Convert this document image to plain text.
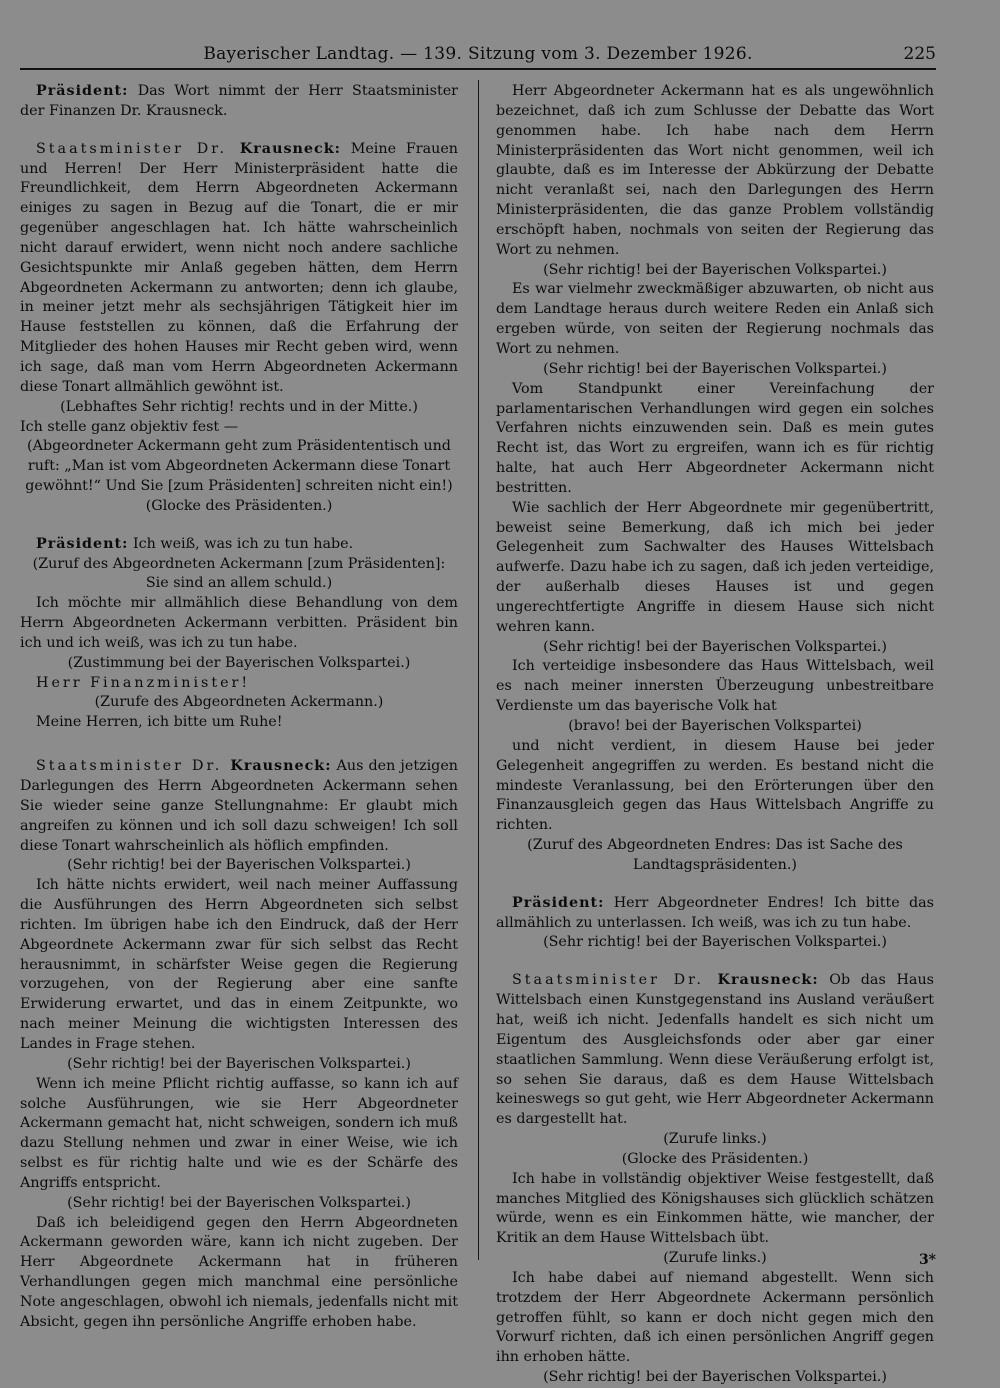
Bayerischer Landtag. — 139. Sitzung vom 3. Dezember 1926.	225

Präsident: Das Wort nimmt der Herr Staatsminister der Finanzen Dr. Krausneck.

Staatsminister Dr. Krausneck: Meine Frauen und Herren! Der Herr Ministerpräsident hatte die Freundlichkeit, dem Herrn Abgeordneten Ackermann einiges zu sagen in Bezug auf die Tonart, die er mir gegenüber angeschlagen hat. Ich hätte wahrscheinlich nicht darauf erwidert, wenn nicht noch andere sachliche Gesichtspunkte mir Anlaß gegeben hätten, dem Herrn Abgeordneten Ackermann zu antworten; denn ich glaube, in meiner jetzt mehr als sechsjährigen Tätigkeit hier im Hause feststellen zu können, daß die Erfahrung der Mitglieder des hohen Hauses mir Recht geben wird, wenn ich sage, daß man vom Herrn Abgeordneten Ackermann diese Tonart allmählich gewöhnt ist.

(Lebhaftes Sehr richtig! rechts und in der Mitte.)

Ich stelle ganz objektiv fest —

(Abgeordneter Ackermann geht zum Präsidententisch und ruft: „Man ist vom Abgeordneten Ackermann diese Tonart gewöhnt!“ Und Sie [zum Präsidenten] schreiten nicht ein!)

(Glocke des Präsidenten.)

Präsident: Ich weiß, was ich zu tun habe.

(Zuruf des Abgeordneten Ackermann [zum Präsidenten]: Sie sind an allem schuld.)

Ich möchte mir allmählich diese Behandlung von dem Herrn Abgeordneten Ackermann verbitten. Präsident bin ich und ich weiß, was ich zu tun habe.

(Zustimmung bei der Bayerischen Volkspartei.)

Herr Finanzminister!

(Zurufe des Abgeordneten Ackermann.)

Meine Herren, ich bitte um Ruhe!

Staatsminister Dr. Krausneck: Aus den jetzigen Darlegungen des Herrn Abgeordneten Ackermann sehen Sie wieder seine ganze Stellungnahme: Er glaubt mich angreifen zu können und ich soll dazu schweigen! Ich soll diese Tonart wahrscheinlich als höflich empfinden.

(Sehr richtig! bei der Bayerischen Volkspartei.)

Ich hätte nichts erwidert, weil nach meiner Auffassung die Ausführungen des Herrn Abgeordneten sich selbst richten. Im übrigen habe ich den Eindruck, daß der Herr Abgeordnete Ackermann zwar für sich selbst das Recht herausnimmt, in schärfster Weise gegen die Regierung vorzugehen, von der Regierung aber eine sanfte Erwiderung erwartet, und das in einem Zeitpunkte, wo nach meiner Meinung die wichtigsten Interessen des Landes in Frage stehen.

(Sehr richtig! bei der Bayerischen Volkspartei.)

Wenn ich meine Pflicht richtig auffasse, so kann ich auf solche Ausführungen, wie sie Herr Abgeordneter Ackermann gemacht hat, nicht schweigen, sondern ich muß dazu Stellung nehmen und zwar in einer Weise, wie ich selbst es für richtig halte und wie es der Schärfe des Angriffs entspricht.

(Sehr richtig! bei der Bayerischen Volkspartei.)

Daß ich beleidigend gegen den Herrn Abgeordneten Ackermann geworden wäre, kann ich nicht zugeben. Der Herr Abgeordnete Ackermann hat in früheren Verhandlungen gegen mich manchmal eine persönliche Note angeschlagen, obwohl ich niemals, jedenfalls nicht mit Absicht, gegen ihn persönliche Angriffe erhoben habe.

Herr Abgeordneter Ackermann hat es als ungewöhnlich bezeichnet, daß ich zum Schlusse der Debatte das Wort genommen habe. Ich habe nach dem Herrn Ministerpräsidenten das Wort nicht genommen, weil ich glaubte, daß es im Interesse der Abkürzung der Debatte nicht veranlaßt sei, nach den Darlegungen des Herrn Ministerpräsidenten, die das ganze Problem vollständig erschöpft haben, nochmals von seiten der Regierung das Wort zu nehmen.

(Sehr richtig! bei der Bayerischen Volkspartei.)

Es war vielmehr zweckmäßiger abzuwarten, ob nicht aus dem Landtage heraus durch weitere Reden ein Anlaß sich ergeben würde, von seiten der Regierung nochmals das Wort zu nehmen.

(Sehr richtig! bei der Bayerischen Volkspartei.)

Vom Standpunkt einer Vereinfachung der parlamentarischen Verhandlungen wird gegen ein solches Verfahren nichts einzuwenden sein. Daß es mein gutes Recht ist, das Wort zu ergreifen, wann ich es für richtig halte, hat auch Herr Abgeordneter Ackermann nicht bestritten.

Wie sachlich der Herr Abgeordnete mir gegenübertritt, beweist seine Bemerkung, daß ich mich bei jeder Gelegenheit zum Sachwalter des Hauses Wittelsbach aufwerfe. Dazu habe ich zu sagen, daß ich jeden verteidige, der außerhalb dieses Hauses ist und gegen ungerechtfertigte Angriffe in diesem Hause sich nicht wehren kann.

(Sehr richtig! bei der Bayerischen Volkspartei.)

Ich verteidige insbesondere das Haus Wittelsbach, weil es nach meiner innersten Überzeugung unbestreitbare Verdienste um das bayerische Volk hat

(bravo! bei der Bayerischen Volkspartei)

und nicht verdient, in diesem Hause bei jeder Gelegenheit angegriffen zu werden. Es bestand nicht die mindeste Veranlassung, bei den Erörterungen über den Finanzausgleich gegen das Haus Wittelsbach Angriffe zu richten.

(Zuruf des Abgeordneten Endres: Das ist Sache des Landtagspräsidenten.)

Präsident: Herr Abgeordneter Endres! Ich bitte das allmählich zu unterlassen. Ich weiß, was ich zu tun habe.

(Sehr richtig! bei der Bayerischen Volkspartei.)

Staatsminister Dr. Krausneck: Ob das Haus Wittelsbach einen Kunstgegenstand ins Ausland veräußert hat, weiß ich nicht. Jedenfalls handelt es sich nicht um Eigentum des Ausgleichsfonds oder aber gar einer staatlichen Sammlung. Wenn diese Veräußerung erfolgt ist, so sehen Sie daraus, daß es dem Hause Wittelsbach keineswegs so gut geht, wie Herr Abgeordneter Ackermann es dargestellt hat.

(Zurufe links.)

(Glocke des Präsidenten.)

Ich habe in vollständig objektiver Weise festgestellt, daß manches Mitglied des Königshauses sich glücklich schätzen würde, wenn es ein Einkommen hätte, wie mancher, der Kritik an dem Hause Wittelsbach übt.

(Zurufe links.)

Ich habe dabei auf niemand abgestellt. Wenn sich trotzdem der Herr Abgeordnete Ackermann persönlich getroffen fühlt, so kann er doch nicht gegen mich den Vorwurf richten, daß ich einen persönlichen Angriff gegen ihn erhoben hätte.

(Sehr richtig! bei der Bayerischen Volkspartei.)

3*
